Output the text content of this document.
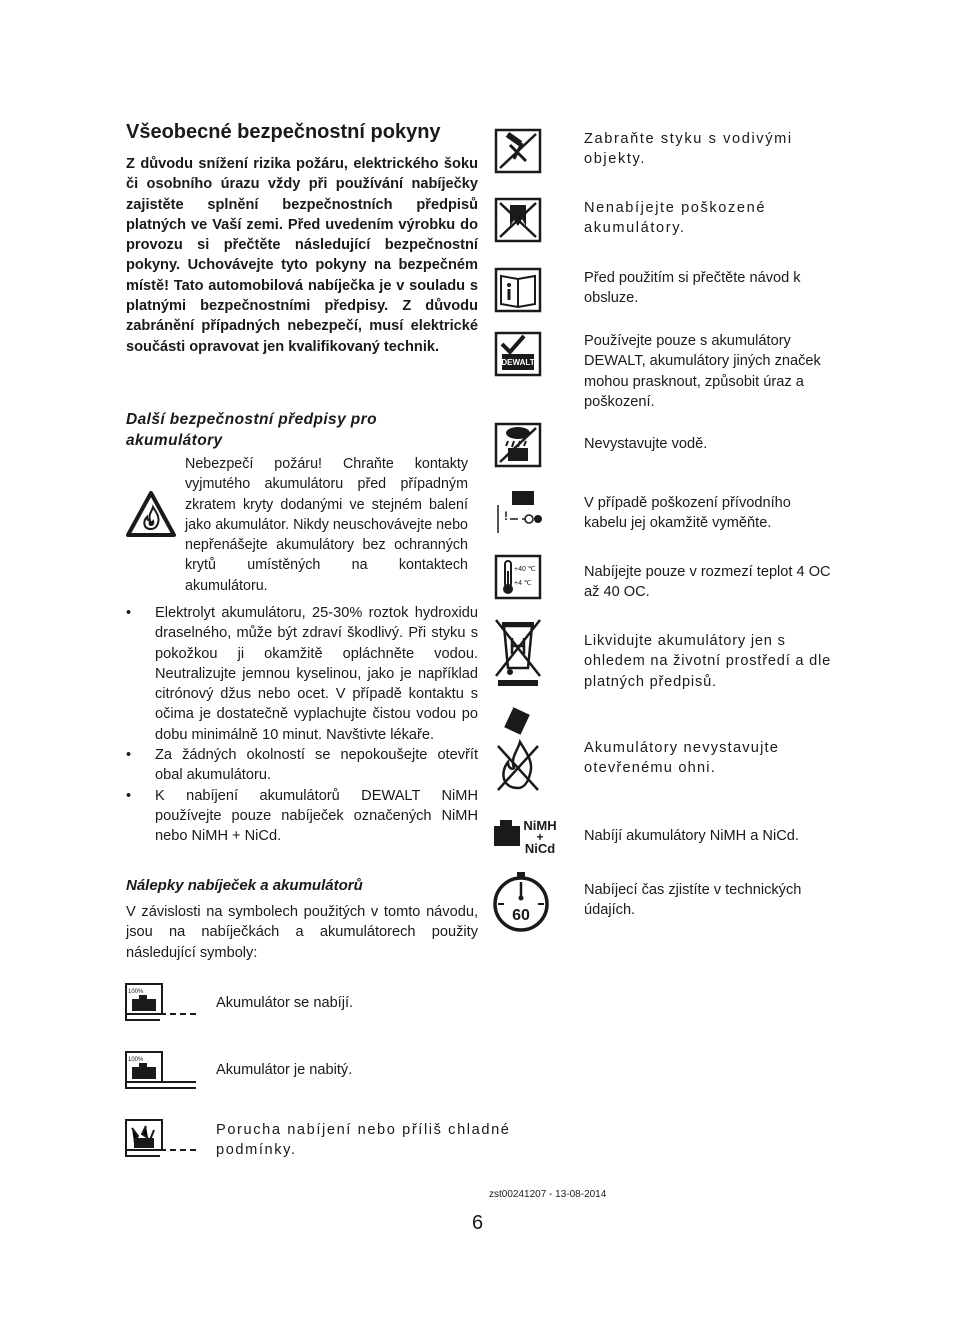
Všeobecné bezpečnostní pokyny
Z důvodu snížení rizika požáru, elektrického šoku či osobního úrazu vždy při používání nabíječky zajistěte splnění bezpečnostních předpisů platných ve Vaší zemi. Před uvedením výrobku do provozu si přečtěte následující bezpečnostní pokyny. Uchovávejte tyto pokyny na bezpečném místě! Tato automobilová nabíječka je v souladu s platnými bezpečnostními předpisy. Z důvodu zabránění případných nebezpečí, musí elektrické součásti opravovat jen kvalifikovaný technik.
Další bezpečnostní předpisy pro akumulátory
Nebezpečí požáru! Chraňte kontakty vyjmutého akumulátoru před případným zkratem kryty dodanými ve stejném balení jako akumulátor. Nikdy neuschovávejte nebo nepřenášejte akumulátory bez ochranných krytů umístěných na kontaktech akumulátoru.
• Elektrolyt akumulátoru, 25-30% roztok hydroxidu draselného, může být zdraví škodlivý. Při styku s pokožkou ji okamžitě opláchněte vodou. Neutralizujte jemnou kyselinou, jako je například citrónový džus nebo ocet. V případě kontaktu s očima je dostatečně vyplachujte čistou vodou po dobu minimálně 10 minut. Navštivte lékaře.
• Za žádných okolností se nepokoušejte otevřít obal akumulátoru.
• K nabíjení akumulátorů DEWALT NiMH používejte pouze nabíječek označených NiMH nebo NiMH + NiCd.
Nálepky nabíječek a akumulátorů
V závislosti na symbolech použitých v tomto návodu, jsou na nabíječkách a akumulátorech použity následující symboly:
DEWALT
!
+40 ℃
+4 ℃
NiMH
+
NiCd
60
Zabraňte styku s vodivými objekty.
Nenabíjejte poškozené akumulátory.
Před použitím si přečtěte návod k obsluze.
Používejte pouze s akumulátory DEWALT, akumulátory jiných značek mohou prasknout, způsobit úraz a poškození.
Nevystavujte vodě.
V případě poškození přívodního kabelu jej okamžitě vyměňte.
Nabíjejte pouze v rozmezí teplot 4 OC až 40 OC.
Likvidujte akumulátory jen s ohledem na životní prostředí a dle platných předpisů.
Akumulátory nevystavujte otevřenému ohni.
Nabíjí akumulátory NiMH a NiCd.
Nabíjecí čas zjistíte v technických údajích.
100%
Akumulátor se nabíjí.
100%
Akumulátor je nabitý.
Porucha nabíjení nebo příliš chladné podmínky.
zst00241207 - 13-08-2014
6
